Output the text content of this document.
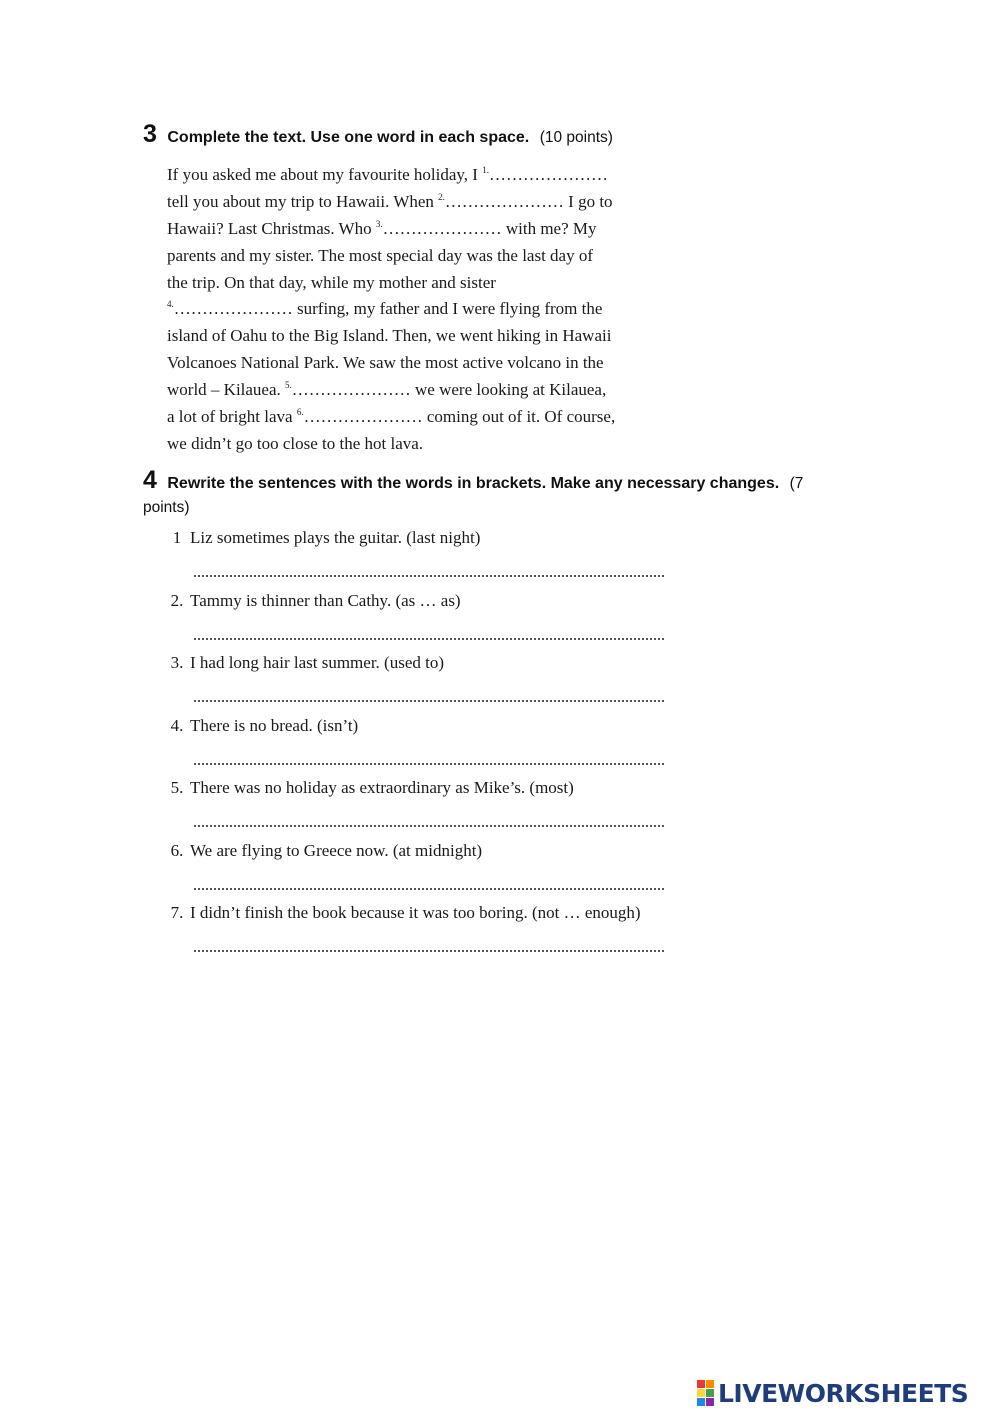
3 Complete the text. Use one word in each space. (10 points)
If you asked me about my favourite holiday, I $^{1.}$…………………
tell you about my trip to Hawaii. When $^{2.}$………………… I go to
Hawaii? Last Christmas. Who $^{3.}$………………… with me? My
parents and my sister. The most special day was the last day of
the trip. On that day, while my mother and sister
$^{4.}$………………… surfing, my father and I were flying from the
island of Oahu to the Big Island. Then, we went hiking in Hawaii
Volcanoes National Park. We saw the most active volcano in the
world – Kilauea. $^{5.}$………………… we were looking at Kilauea,
a lot of bright lava $^{6.}$………………… coming out of it. Of course,
we didn’t go too close to the hot lava.
4 Rewrite the sentences with the words in brackets. Make any necessary changes. (7 points)
1 Liz sometimes plays the guitar. (last night)
2. Tammy is thinner than Cathy. (as … as)
3. I had long hair last summer. (used to)
4. There is no bread. (isn’t)
5. There was no holiday as extraordinary as Mike’s. (most)
6. We are flying to Greece now. (at midnight)
7. I didn’t finish the book because it was too boring. (not … enough)
LIVEWORKSHEETS
